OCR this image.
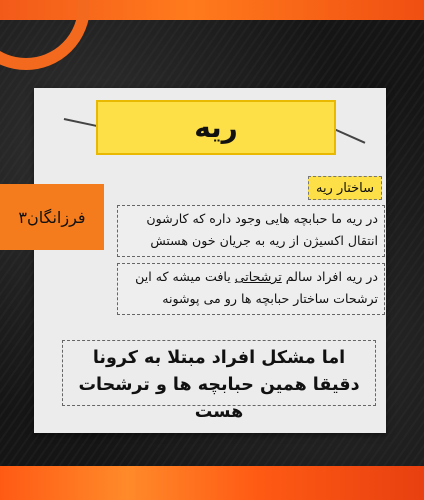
ریه
فرزانگان۳
ساختار ریه
در ریه ما حبابچه هایی وجود داره که کارشون انتقال اکسیژن از ریه به جریان خون هستش
در ریه افراد سالم ترشحاتی یافت میشه که این ترشحات ساختار حبابچه ها رو می پوشونه
اما مشکل افراد مبتلا به کرونا دقیقا همین حبابچه ها و ترشحات هست
